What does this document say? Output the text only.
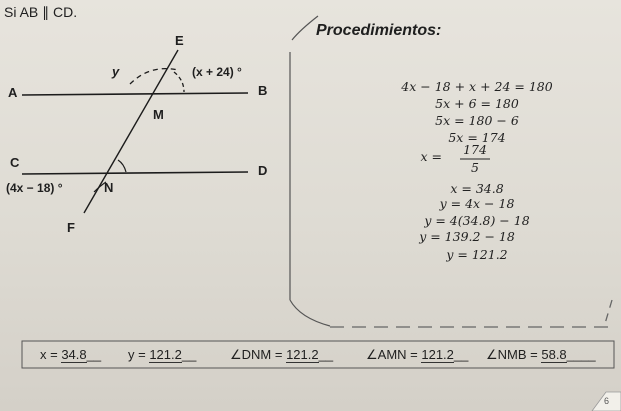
Si AB ∥ CD.
E
A	B
C
D
F
M
N
y	(x + 24) °
(4x − 18) °
Procedimientos:
4x − 18 + x + 24 = 180
5x + 6 = 180
5x = 180 − 6
5x = 174
x = 174
5
x = 34.8
y = 4x − 18
y = 4(34.8) − 18
y = 139.2 − 18
y = 121.2
x = 34.8__ y = 121.2__	∠DNM = 121.2__	∠AMN = 121.2__ ∠NMB = 58.8____
6
